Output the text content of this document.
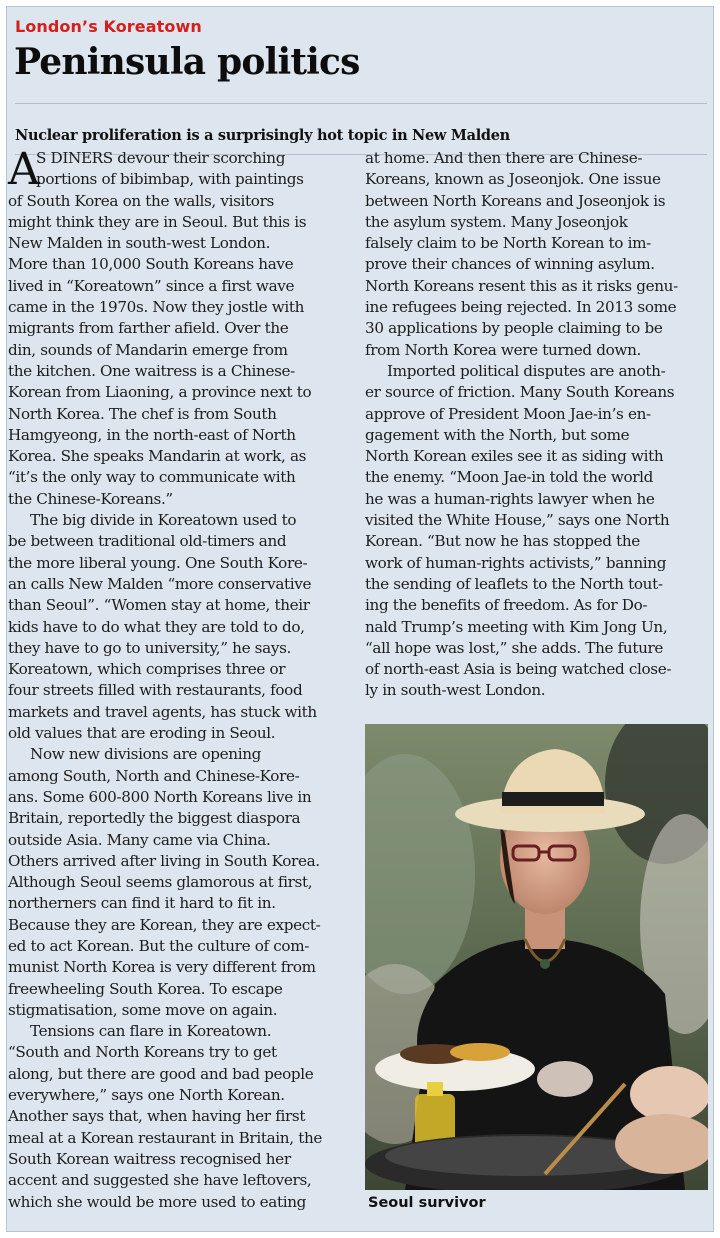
London’s Koreatown
Peninsula politics
Nuclear proliferation is a surprisingly hot topic in New Malden
A
S DINERS devour their scorching
portions of bibimbap, with paintings
of South Korea on the walls, visitors
might think they are in Seoul. But this is
New Malden in south-west London.
More than 10,000 South Koreans have
lived in “Koreatown” since a first wave
came in the 1970s. Now they jostle with
migrants from farther afield. Over the
din, sounds of Mandarin emerge from
the kitchen. One waitress is a Chinese-
Korean from Liaoning, a province next to
North Korea. The chef is from South
Hamgyeong, in the north-east of North
Korea. She speaks Mandarin at work, as
“it’s the only way to communicate with
the Chinese-Koreans.”
The big divide in Koreatown used to
be between traditional old-timers and
the more liberal young. One South Kore-
an calls New Malden “more conservative
than Seoul”. “Women stay at home, their
kids have to do what they are told to do,
they have to go to university,” he says.
Koreatown, which comprises three or
four streets filled with restaurants, food
markets and travel agents, has stuck with
old values that are eroding in Seoul.
Now new divisions are opening
among South, North and Chinese-Kore-
ans. Some 600-800 North Koreans live in
Britain, reportedly the biggest diaspora
outside Asia. Many came via China.
Others arrived after living in South Korea.
Although Seoul seems glamorous at first,
northerners can find it hard to fit in.
Because they are Korean, they are expect-
ed to act Korean. But the culture of com-
munist North Korea is very different from
freewheeling South Korea. To escape
stigmatisation, some move on again.
Tensions can flare in Koreatown.
“South and North Koreans try to get
along, but there are good and bad people
everywhere,” says one North Korean.
Another says that, when having her first
meal at a Korean restaurant in Britain, the
South Korean waitress recognised her
accent and suggested she have leftovers,
which she would be more used to eating
at home. And then there are Chinese-
Koreans, known as Joseonjok. One issue
between North Koreans and Joseonjok is
the asylum system. Many Joseonjok
falsely claim to be North Korean to im-
prove their chances of winning asylum.
North Koreans resent this as it risks genu-
ine refugees being rejected. In 2013 some
30 applications by people claiming to be
from North Korea were turned down.
Imported political disputes are anoth-
er source of friction. Many South Koreans
approve of President Moon Jae-in’s en-
gagement with the North, but some
North Korean exiles see it as siding with
the enemy. “Moon Jae-in told the world
he was a human-rights lawyer when he
visited the White House,” says one North
Korean. “But now he has stopped the
work of human-rights activists,” banning
the sending of leaflets to the North tout-
ing the benefits of freedom. As for Do-
nald Trump’s meeting with Kim Jong Un,
“all hope was lost,” she adds. The future
of north-east Asia is being watched close-
ly in south-west London.
Seoul survivor
